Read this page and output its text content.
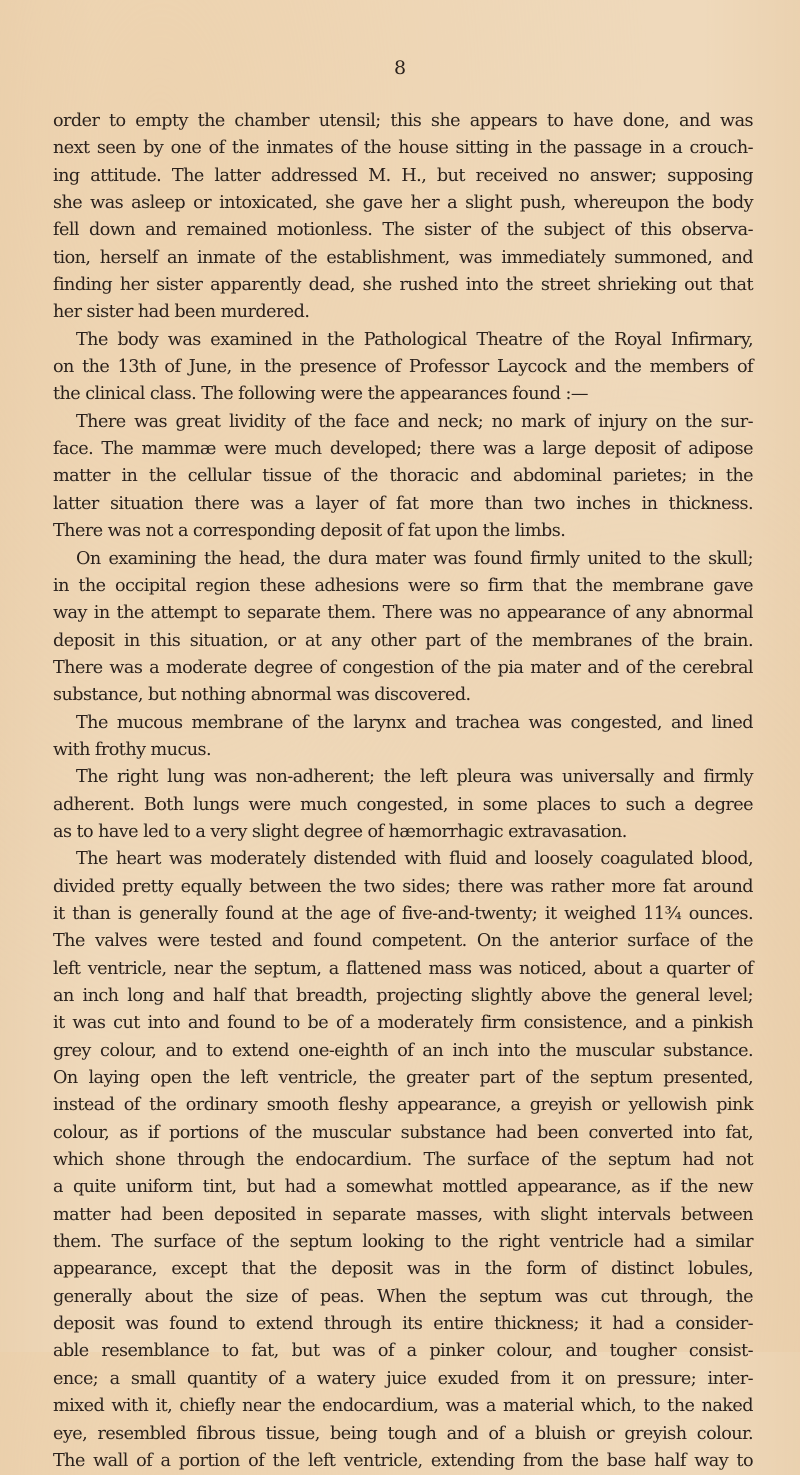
8
order to empty the chamber utensil; this she appears to have done, and was
next seen by one of the inmates of the house sitting in the passage in a crouch-
ing attitude. The latter addressed M. H., but received no answer; supposing
she was asleep or intoxicated, she gave her a slight push, whereupon the body
fell down and remained motionless. The sister of the subject of this observa-
tion, herself an inmate of the establishment, was immediately summoned, and
finding her sister apparently dead, she rushed into the street shrieking out that
her sister had been murdered.
The body was examined in the Pathological Theatre of the Royal Infirmary,
on the 13th of June, in the presence of Professor Laycock and the members of
the clinical class. The following were the appearances found :—
There was great lividity of the face and neck; no mark of injury on the sur-
face. The mammæ were much developed; there was a large deposit of adipose
matter in the cellular tissue of the thoracic and abdominal parietes; in the
latter situation there was a layer of fat more than two inches in thickness.
There was not a corresponding deposit of fat upon the limbs.
On examining the head, the dura mater was found firmly united to the skull;
in the occipital region these adhesions were so firm that the membrane gave
way in the attempt to separate them. There was no appearance of any abnormal
deposit in this situation, or at any other part of the membranes of the brain.
There was a moderate degree of congestion of the pia mater and of the cerebral
substance, but nothing abnormal was discovered.
The mucous membrane of the larynx and trachea was congested, and lined
with frothy mucus.
The right lung was non-adherent; the left pleura was universally and firmly
adherent. Both lungs were much congested, in some places to such a degree
as to have led to a very slight degree of hæmorrhagic extravasation.
The heart was moderately distended with fluid and loosely coagulated blood,
divided pretty equally between the two sides; there was rather more fat around
it than is generally found at the age of five-and-twenty; it weighed 11¾ ounces.
The valves were tested and found competent. On the anterior surface of the
left ventricle, near the septum, a flattened mass was noticed, about a quarter of
an inch long and half that breadth, projecting slightly above the general level;
it was cut into and found to be of a moderately firm consistence, and a pinkish
grey colour, and to extend one-eighth of an inch into the muscular substance.
On laying open the left ventricle, the greater part of the septum presented,
instead of the ordinary smooth fleshy appearance, a greyish or yellowish pink
colour, as if portions of the muscular substance had been converted into fat,
which shone through the endocardium. The surface of the septum had not
a quite uniform tint, but had a somewhat mottled appearance, as if the new
matter had been deposited in separate masses, with slight intervals between
them. The surface of the septum looking to the right ventricle had a similar
appearance, except that the deposit was in the form of distinct lobules,
generally about the size of peas. When the septum was cut through, the
deposit was found to extend through its entire thickness; it had a consider-
able resemblance to fat, but was of a pinker colour, and tougher consist-
ence; a small quantity of a watery juice exuded from it on pressure; inter-
mixed with it, chiefly near the endocardium, was a material which, to the naked
eye, resembled fibrous tissue, being tough and of a bluish or greyish colour.
The wall of a portion of the left ventricle, extending from the base half way to
